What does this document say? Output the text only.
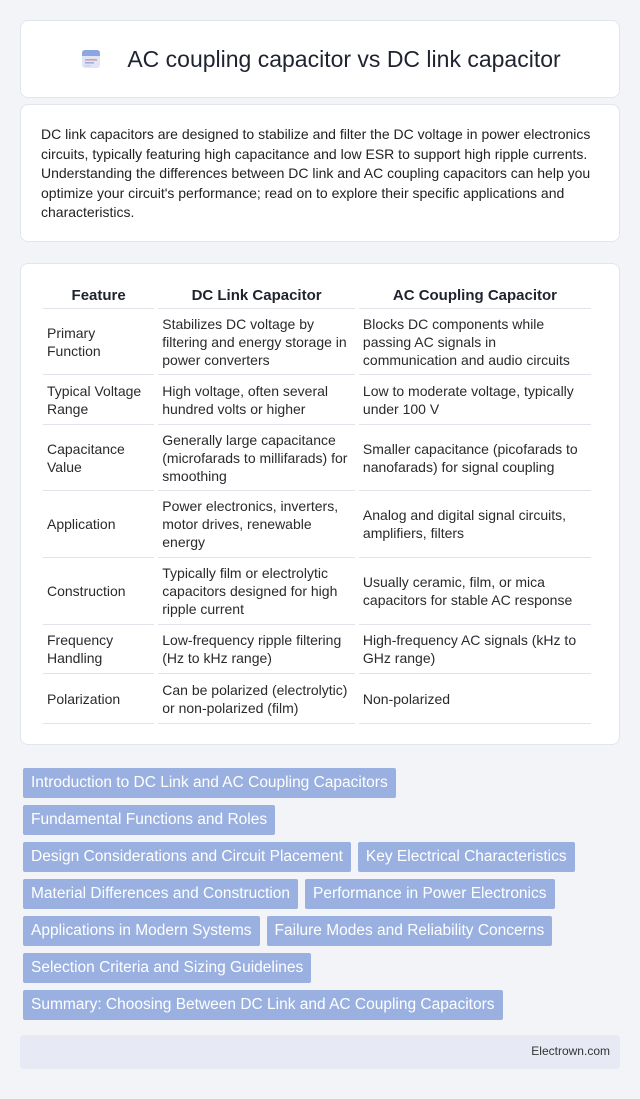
AC coupling capacitor vs DC link capacitor

DC link capacitors are designed to stabilize and filter the DC voltage in power electronics circuits, typically featuring high capacitance and low ESR to support high ripple currents. Understanding the differences between DC link and AC coupling capacitors can help you optimize your circuit's performance; read on to explore their specific applications and characteristics.

Feature	DC Link Capacitor	AC Coupling Capacitor
Primary Function	Stabilizes DC voltage by filtering and energy storage in power converters	Blocks DC components while passing AC signals in communication and audio circuits
Typical Voltage Range	High voltage, often several hundred volts or higher	Low to moderate voltage, typically under 100 V
Capacitance Value	Generally large capacitance (microfarads to millifarads) for smoothing	Smaller capacitance (picofarads to nanofarads) for signal coupling
Application	Power electronics, inverters, motor drives, renewable energy	Analog and digital signal circuits, amplifiers, filters
Construction	Typically film or electrolytic capacitors designed for high ripple current	Usually ceramic, film, or mica capacitors for stable AC response
Frequency Handling	Low-frequency ripple filtering (Hz to kHz range)	High-frequency AC signals (kHz to GHz range)
Polarization	Can be polarized (electrolytic) or non-polarized (film)	Non-polarized
Introduction to DC Link and AC Coupling Capacitors
Fundamental Functions and Roles
Design Considerations and Circuit Placement	Key Electrical Characteristics
Material Differences and Construction	Performance in Power Electronics
Applications in Modern Systems	Failure Modes and Reliability Concerns
Selection Criteria and Sizing Guidelines
Summary: Choosing Between DC Link and AC Coupling Capacitors
Electrown.com
